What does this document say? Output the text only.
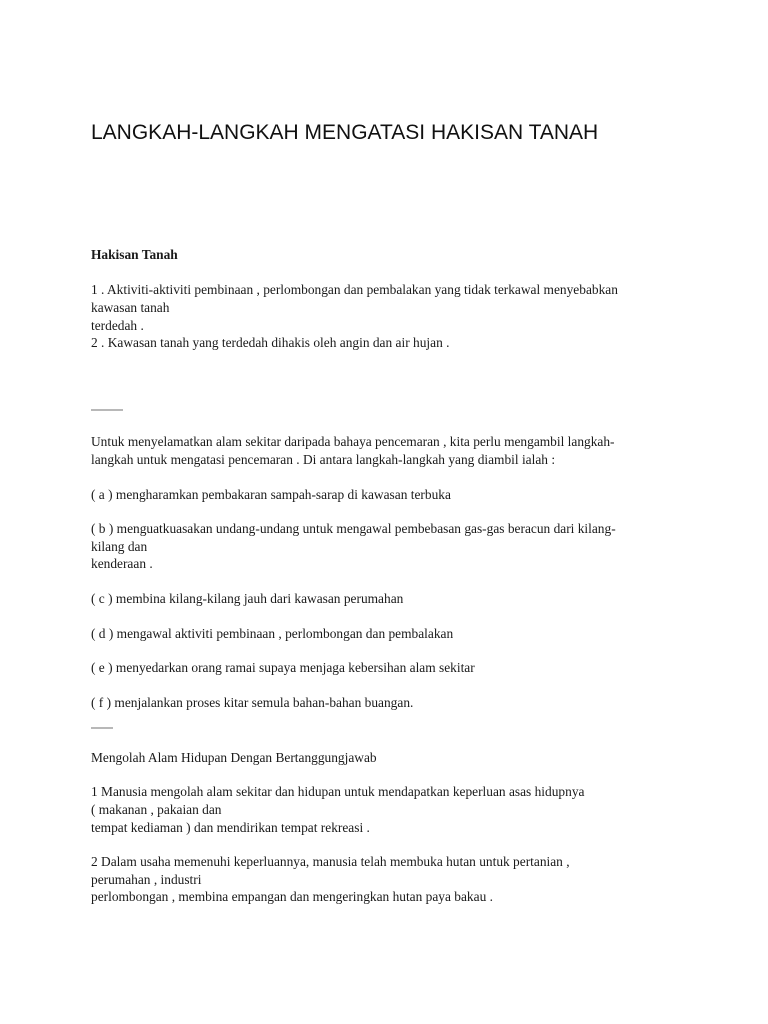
LANGKAH-LANGKAH MENGATASI HAKISAN TANAH
Hakisan Tanah
1 . Aktiviti-aktiviti pembinaan , perlombongan dan pembalakan yang tidak terkawal menyebabkan
kawasan tanah
terdedah .
2 . Kawasan tanah yang terdedah dihakis oleh angin dan air hujan .
Untuk menyelamatkan alam sekitar daripada bahaya pencemaran , kita perlu mengambil langkah-
langkah untuk mengatasi pencemaran . Di antara langkah-langkah yang diambil ialah :
( a ) mengharamkan pembakaran sampah-sarap di kawasan terbuka
( b ) menguatkuasakan undang-undang untuk mengawal pembebasan gas-gas beracun dari kilang-
kilang dan
kenderaan .
( c ) membina kilang-kilang jauh dari kawasan perumahan
( d ) mengawal aktiviti pembinaan , perlombongan dan pembalakan
( e ) menyedarkan orang ramai supaya menjaga kebersihan alam sekitar
( f ) menjalankan proses kitar semula bahan-bahan buangan.
Mengolah Alam Hidupan Dengan Bertanggungjawab
1 Manusia mengolah alam sekitar dan hidupan untuk mendapatkan keperluan asas hidupnya
( makanan , pakaian dan
tempat kediaman ) dan mendirikan tempat rekreasi .
2 Dalam usaha memenuhi keperluannya, manusia telah membuka hutan untuk pertanian ,
perumahan , industri
perlombongan , membina empangan dan mengeringkan hutan paya bakau .
